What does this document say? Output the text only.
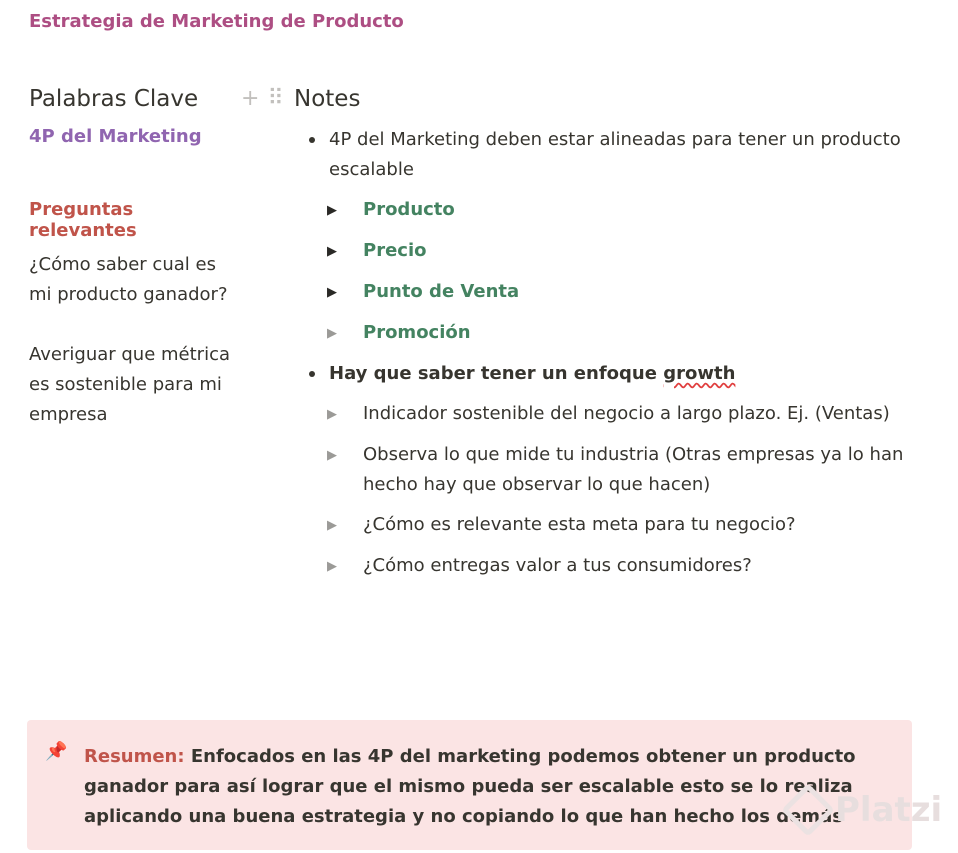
Estrategia de Marketing de Producto
Palabras Clave
4P del Marketing
Preguntas relevantes
¿Cómo saber cual es mi producto ganador?
Averiguar que métrica es sostenible para mi empresa
+ ⠿ Notes
4P del Marketing deben estar alineadas para tener un producto escalable
▶	Producto
▶	Precio
▶	Punto de Venta
▶	Promoción
Hay que saber tener un enfoque growth
▶	Indicador sostenible del negocio a largo plazo. Ej. (Ventas)
▶	Observa lo que mide tu industria (Otras empresas ya lo han hecho hay que observar lo que hacen)
▶	¿Cómo es relevante esta meta para tu negocio?
▶	¿Cómo entregas valor a tus consumidores?
📌 Resumen: Enfocados en las 4P del marketing podemos obtener un producto ganador para así lograr que el mismo pueda ser escalable esto se lo realiza aplicando una buena estrategia y no copiando lo que han hecho los demás
Platzi
